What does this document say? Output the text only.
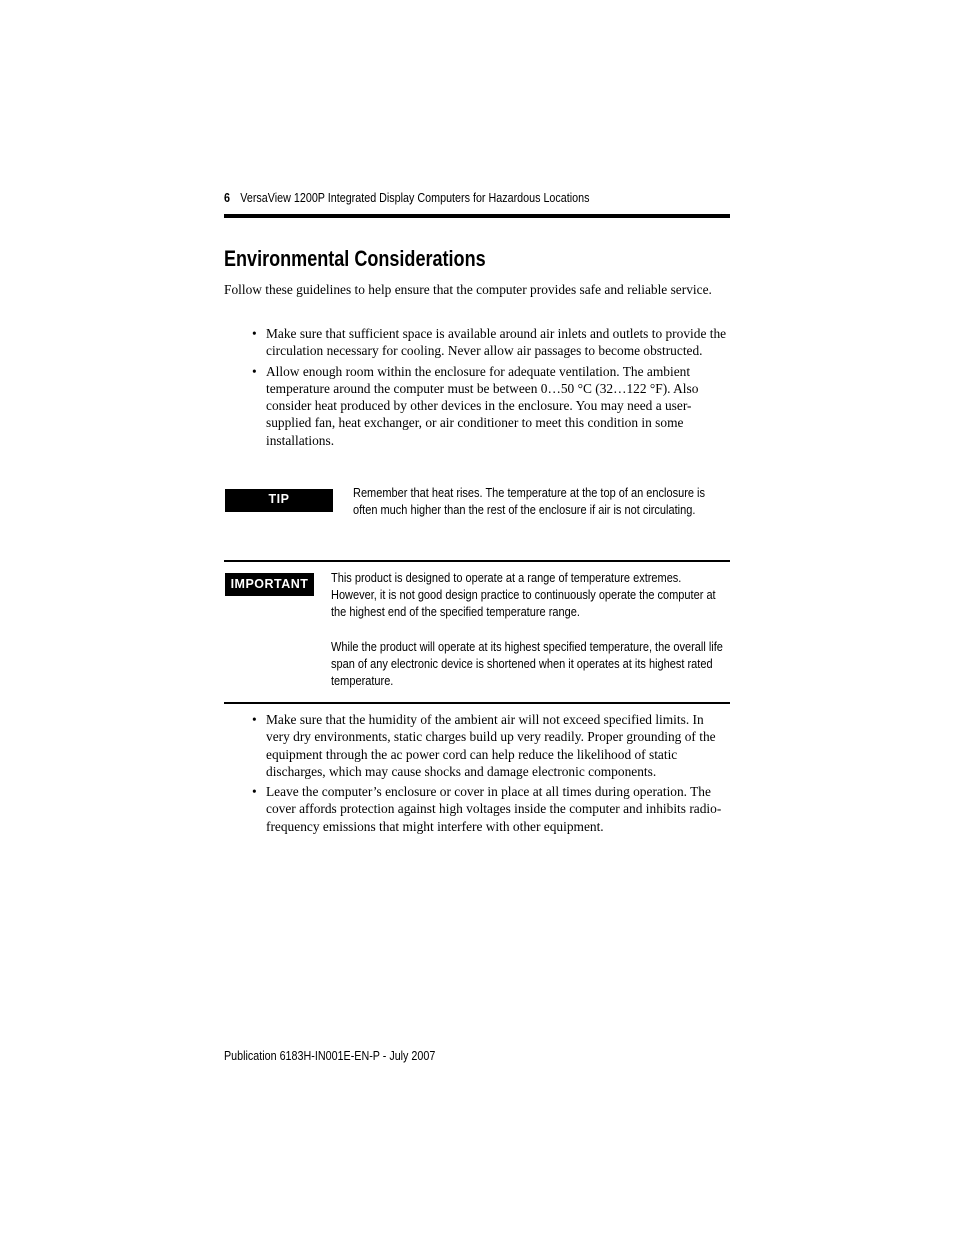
6 VersaView 1200P Integrated Display Computers for Hazardous Locations
Environmental Considerations

Follow these guidelines to help ensure that the computer provides safe and reliable service.

• Make sure that sufficient space is available around air inlets and outlets to provide the circulation necessary for cooling. Never allow air passages to become obstructed.
• Allow enough room within the enclosure for adequate ventilation. The ambient temperature around the computer must be between 0…50 °C (32…122 °F). Also consider heat produced by other devices in the enclosure. You may need a user-supplied fan, heat exchanger, or air conditioner to meet this condition in some installations.
TIP	Remember that heat rises. The temperature at the top of an enclosure is often much higher than the rest of the enclosure if air is not circulating.

IMPORTANT	This product is designed to operate at a range of temperature extremes. However, it is not good design practice to continuously operate the computer at the highest end of the specified temperature range.

While the product will operate at its highest specified temperature, the overall life span of any electronic device is shortened when it operates at its highest rated temperature.

• Make sure that the humidity of the ambient air will not exceed specified limits. In very dry environments, static charges build up very readily. Proper grounding of the equipment through the ac power cord can help reduce the likelihood of static discharges, which may cause shocks and damage electronic components.
• Leave the computer’s enclosure or cover in place at all times during operation. The cover affords protection against high voltages inside the computer and inhibits radio-frequency emissions that might interfere with other equipment.
Publication 6183H-IN001E-EN-P - July 2007
